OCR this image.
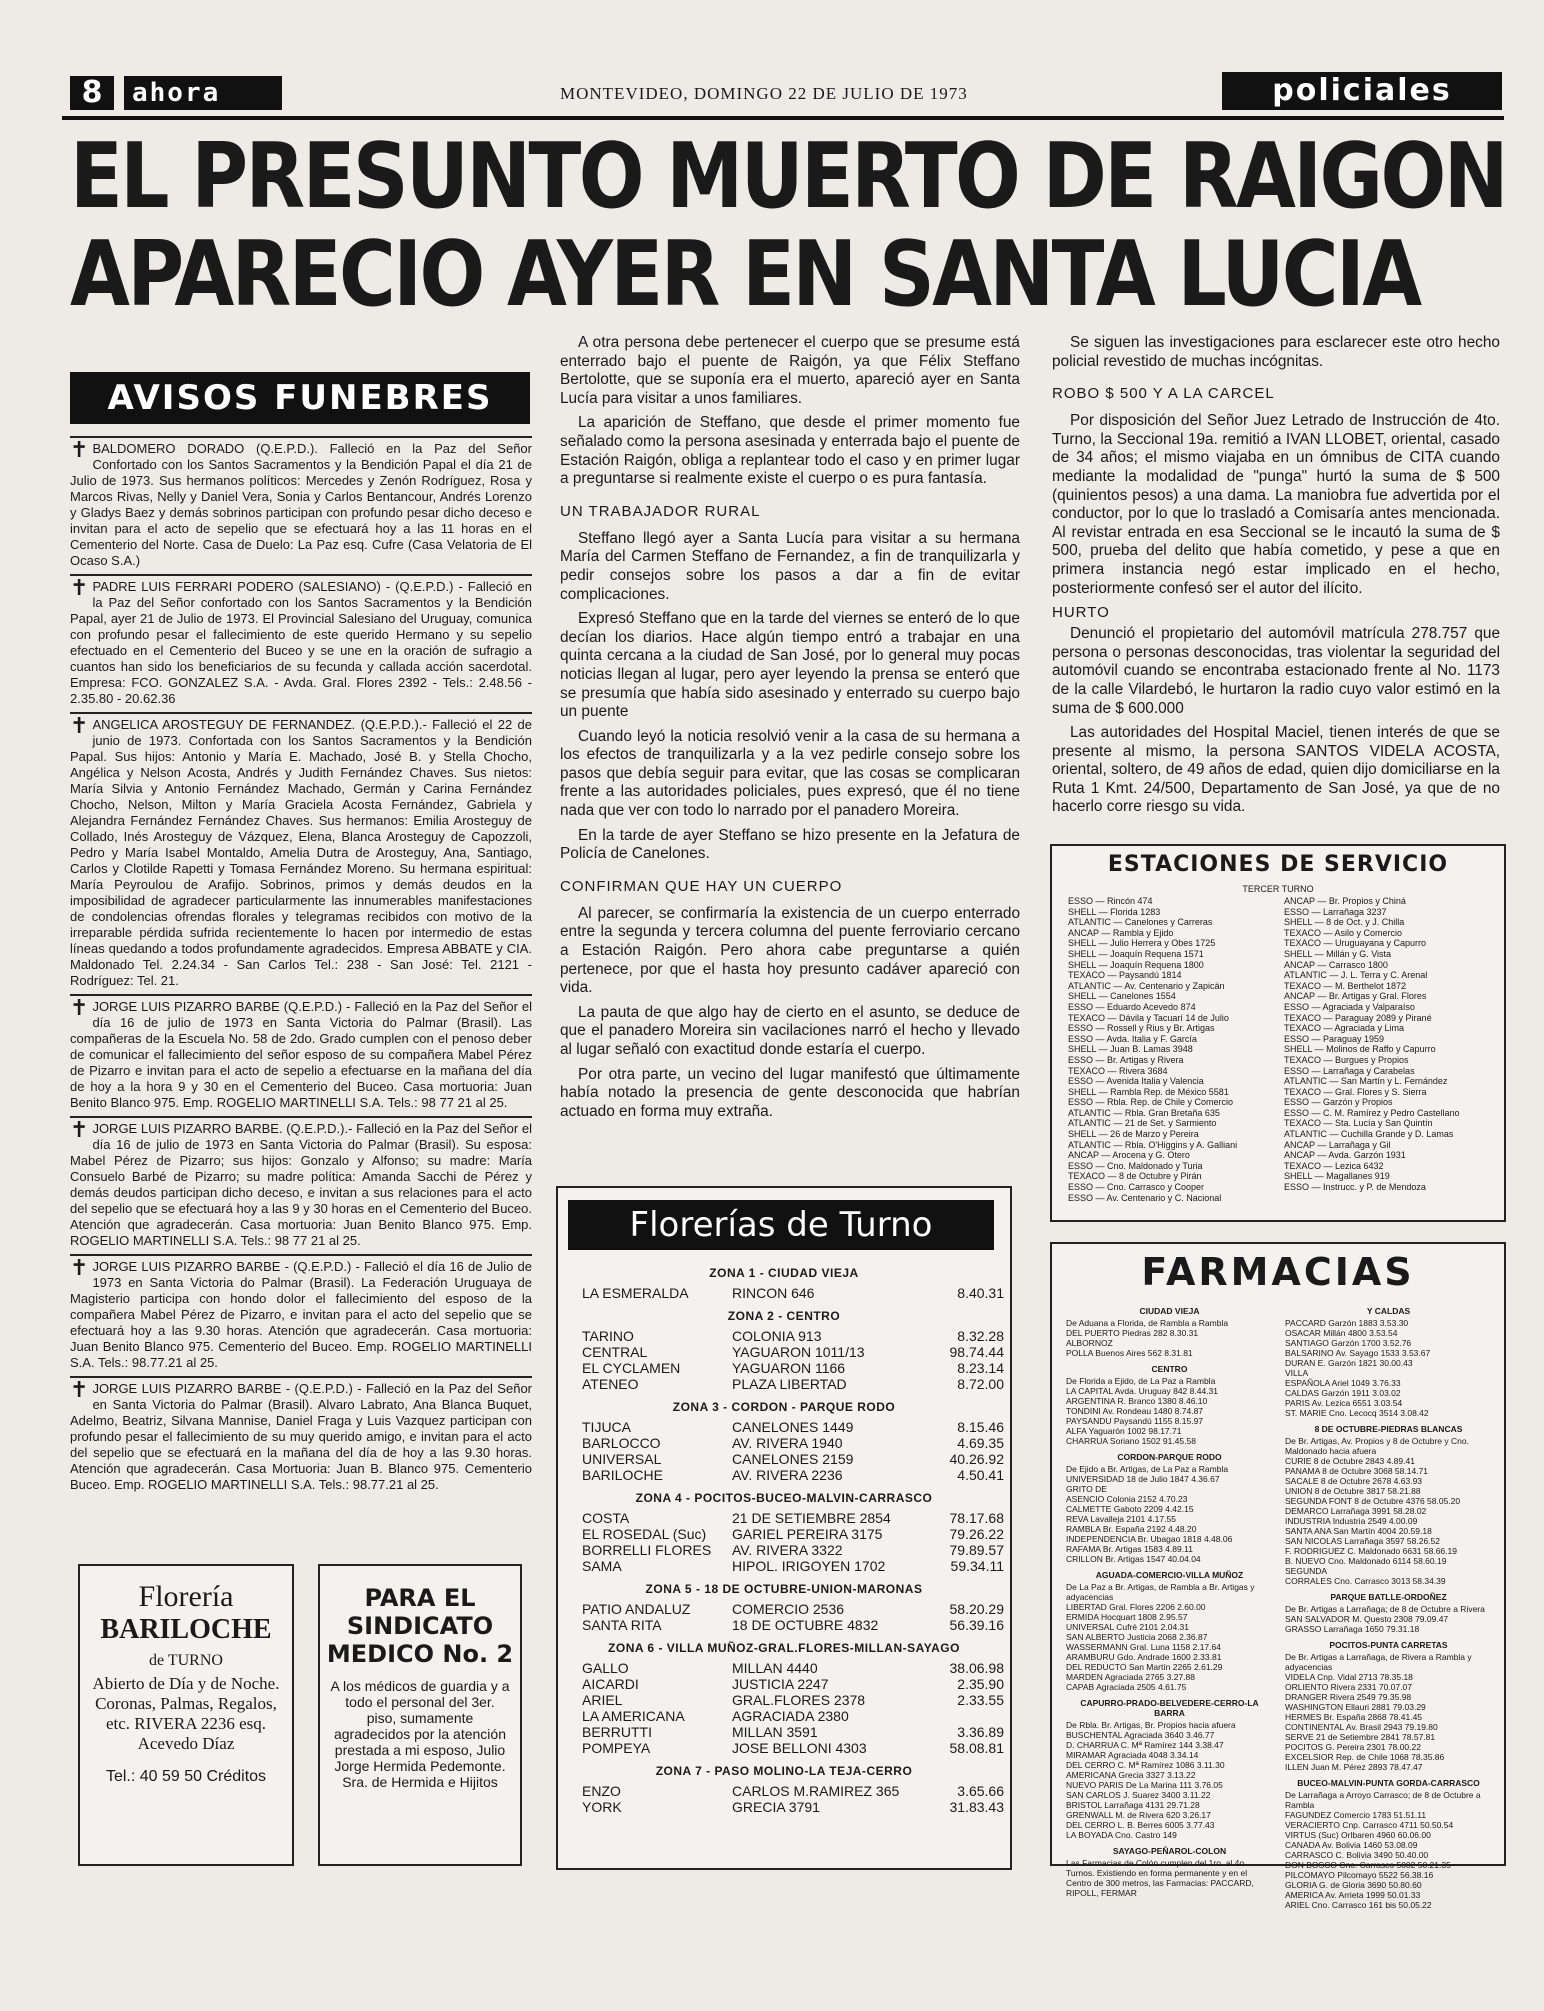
8	ahora	MONTEVIDEO, DOMINGO 22 DE JULIO DE 1973	policiales
EL PRESUNTO MUERTO DE RAIGON
APARECIO AYER EN SANTA LUCIA
AVISOS FUNEBRES
✝ BALDOMERO DORADO (Q.E.P.D.). Falleció en la Paz del Señor Confortado con los Santos Sacramentos y la Bendición Papal el día 21 de Julio de 1973. Sus hermanos políticos: Mercedes y Zenón Rodríguez, Rosa y Marcos Rivas, Nelly y Daniel Vera, Sonia y Carlos Bentancour, Andrés Lorenzo y Gladys Baez y demás sobrinos participan con profundo pesar dicho deceso e invitan para el acto de sepelio que se efectuará hoy a las 11 horas en el Cementerio del Norte. Casa de Duelo: La Paz esq. Cufre (Casa Velatoria de El Ocaso S.A.)
✝ PADRE LUIS FERRARI PODERO (SALESIANO) - (Q.E.P.D.) - Falleció en la Paz del Señor confortado con los Santos Sacramentos y la Bendición Papal, ayer 21 de Julio de 1973. El Provincial Salesiano del Uruguay, comunica con profundo pesar el fallecimiento de este querido Hermano y su sepelio efectuado en el Cementerio del Buceo y se une en la oración de sufragio a cuantos han sido los beneficiarios de su fecunda y callada acción sacerdotal. Empresa: FCO. GONZALEZ S.A. - Avda. Gral. Flores 2392 - Tels.: 2.48.56 - 2.35.80 - 20.62.36
✝ ANGELICA AROSTEGUY DE FERNANDEZ. (Q.E.P.D.).- Falleció el 22 de junio de 1973. Confortada con los Santos Sacramentos y la Bendición Papal. Sus hijos: Antonio y María E. Machado, José B. y Stella Chocho, Angélica y Nelson Acosta, Andrés y Judith Fernández Chaves. Sus nietos: María Silvia y Antonio Fernández Machado, Germán y Carina Fernández Chocho, Nelson, Milton y María Graciela Acosta Fernández, Gabriela y Alejandra Fernández Fernández Chaves. Sus hermanos: Emilia Arosteguy de Collado, Inés Arosteguy de Vázquez, Elena, Blanca Arosteguy de Capozzoli, Pedro y María Isabel Montaldo, Amelia Dutra de Arosteguy, Ana, Santiago, Carlos y Clotilde Rapetti y Tomasa Fernández Moreno. Su hermana espiritual: María Peyroulou de Arafijo. Sobrinos, primos y demás deudos en la imposibilidad de agradecer particularmente las innumerables manifestaciones de condolencias ofrendas florales y telegramas recibidos con motivo de la irreparable pérdida sufrida recientemente lo hacen por intermedio de estas líneas quedando a todos profundamente agradecidos. Empresa ABBATE y CIA. Maldonado Tel. 2.24.34 - San Carlos Tel.: 238 - San José: Tel. 2121 - Rodríguez: Tel. 21.
✝ JORGE LUIS PIZARRO BARBE (Q.E.P.D.) - Falleció en la Paz del Señor el día 16 de julio de 1973 en Santa Victoria do Palmar (Brasil). Las compañeras de la Escuela No. 58 de 2do. Grado cumplen con el penoso deber de comunicar el fallecimiento del señor esposo de su compañera Mabel Pérez de Pizarro e invitan para el acto de sepelio a efectuarse en la mañana del día de hoy a la hora 9 y 30 en el Cementerio del Buceo. Casa mortuoria: Juan Benito Blanco 975. Emp. ROGELIO MARTINELLI S.A. Tels.: 98 77 21 al 25.
✝ JORGE LUIS PIZARRO BARBE. (Q.E.P.D.).- Falleció en la Paz del Señor el día 16 de julio de 1973 en Santa Victoria do Palmar (Brasil). Su esposa: Mabel Pérez de Pizarro; sus hijos: Gonzalo y Alfonso; su madre: María Consuelo Barbé de Pizarro; su madre política: Amanda Sacchi de Pérez y demás deudos participan dicho deceso, e invitan a sus relaciones para el acto del sepelio que se efectuará hoy a las 9 y 30 horas en el Cementerio del Buceo. Atención que agradecerán. Casa mortuoria: Juan Benito Blanco 975. Emp. ROGELIO MARTINELLI S.A. Tels.: 98 77 21 al 25.
✝ JORGE LUIS PIZARRO BARBE - (Q.E.P.D.) - Falleció el día 16 de Julio de 1973 en Santa Victoria do Palmar (Brasil). La Federación Uruguaya de Magisterio participa con hondo dolor el fallecimiento del esposo de la compañera Mabel Pérez de Pizarro, e invitan para el acto del sepelio que se efectuará hoy a las 9.30 horas. Atención que agradecerán. Casa mortuoria: Juan Benito Blanco 975. Cementerio del Buceo. Emp. ROGELIO MARTINELLI S.A. Tels.: 98.77.21 al 25.
✝ JORGE LUIS PIZARRO BARBE - (Q.E.P.D.) - Falleció en la Paz del Señor en Santa Victoria do Palmar (Brasil). Alvaro Labrato, Ana Blanca Buquet, Adelmo, Beatriz, Silvana Mannise, Daniel Fraga y Luis Vazquez participan con profundo pesar el fallecimiento de su muy querido amigo, e invitan para el acto del sepelio que se efectuará en la mañana del día de hoy a las 9.30 horas. Atención que agradecerán. Casa Mortuoria: Juan B. Blanco 975. Cementerio Buceo. Emp. ROGELIO MARTINELLI S.A. Tels.: 98.77.21 al 25.
Florería
BARILOCHE
de TURNO
Abierto de Día y de Noche. Coronas, Palmas, Regalos, etc. RIVERA 2236 esq. Acevedo Díaz
Tel.: 40 59 50 Créditos
PARA EL SINDICATO MEDICO No. 2
A los médicos de guardia y a todo el personal del 3er. piso, sumamente agradecidos por la atención prestada a mi esposo, Julio Jorge Hermida Pedemonte. Sra. de Hermida e Hijitos

A otra persona debe pertenecer el cuerpo que se presume está enterrado bajo el puente de Raigón, ya que Félix Steffano Bertolotte, que se suponía era el muerto, apareció ayer en Santa Lucía para visitar a unos familiares.

La aparición de Steffano, que desde el primer momento fue señalado como la persona asesinada y enterrada bajo el puente de Estación Raigón, obliga a replantear todo el caso y en primer lugar a preguntarse si realmente existe el cuerpo o es pura fantasía.

UN TRABAJADOR RURAL

Steffano llegó ayer a Santa Lucía para visitar a su hermana María del Carmen Steffano de Fernandez, a fin de tranquilizarla y pedir consejos sobre los pasos a dar a fin de evitar complicaciones.

Expresó Steffano que en la tarde del viernes se enteró de lo que decían los diarios. Hace algún tiempo entró a trabajar en una quinta cercana a la ciudad de San José, por lo general muy pocas noticias llegan al lugar, pero ayer leyendo la prensa se enteró que se presumía que había sido asesinado y enterrado su cuerpo bajo un puente

Cuando leyó la noticia resolvió venir a la casa de su hermana a los efectos de tranquilizarla y a la vez pedirle consejo sobre los pasos que debía seguir para evitar, que las cosas se complicaran frente a las autoridades policiales, pues expresó, que él no tiene nada que ver con todo lo narrado por el panadero Moreira.

En la tarde de ayer Steffano se hizo presente en la Jefatura de Policía de Canelones.

CONFIRMAN QUE HAY UN CUERPO

Al parecer, se confirmaría la existencia de un cuerpo enterrado entre la segunda y tercera columna del puente ferroviario cercano a Estación Raigón. Pero ahora cabe preguntarse a quién pertenece, por que el hasta hoy presunto cadáver apareció con vida.

La pauta de que algo hay de cierto en el asunto, se deduce de que el panadero Moreira sin vacilaciones narró el hecho y llevado al lugar señaló con exactitud donde estaría el cuerpo.

Por otra parte, un vecino del lugar manifestó que últimamente había notado la presencia de gente desconocida que habrían actuado en forma muy extraña.

Se siguen las investigaciones para esclarecer este otro hecho policial revestido de muchas incógnitas.

ROBO $ 500 Y A LA CARCEL

Por disposición del Señor Juez Letrado de Instrucción de 4to. Turno, la Seccional 19a. remitió a IVAN LLOBET, oriental, casado de 34 años; el mismo viajaba en un ómnibus de CITA cuando mediante la modalidad de "punga" hurtó la suma de $ 500 (quinientos pesos) a una dama. La maniobra fue advertida por el conductor, por lo que lo trasladó a Comisaría antes mencionada. Al revistar entrada en esa Seccional se le incautó la suma de $ 500, prueba del delito que había cometido, y pese a que en primera instancia negó estar implicado en el hecho, posteriormente confesó ser el autor del ilícito.

HURTO

Denunció el propietario del automóvil matrícula 278.757 que persona o personas desconocidas, tras violentar la seguridad del automóvil cuando se encontraba estacionado frente al No. 1173 de la calle Vilardebó, le hurtaron la radio cuyo valor estimó en la suma de $ 600.000

Las autoridades del Hospital Maciel, tienen interés de que se presente al mismo, la persona SANTOS VIDELA ACOSTA, oriental, soltero, de 49 años de edad, quien dijo domiciliarse en la Ruta 1 Kmt. 24/500, Departamento de San José, ya que de no hacerlo corre riesgo su vida.

ESTACIONES DE SERVICIO
TERCER TURNO
ESSO — Rincón 474
SHELL — Florida 1283
ATLANTIC — Canelones y Carreras
ANCAP — Rambla y Ejido
SHELL — Julio Herrera y Obes 1725
SHELL — Joaquín Requena 1571
SHELL — Joaquín Requena 1800
TEXACO — Paysandú 1814
ATLANTIC — Av. Centenario y Zapicán
SHELL — Canelones 1554
ESSO — Eduardo Acevedo 874
TEXACO — Dávila y Tacuarí 14 de Julio
ESSO — Rossell y Rius y Br. Artigas
ESSO — Avda. Italia y F. García
SHELL — Juan B. Lamas 3948
ESSO — Br. Artigas y Rivera
TEXACO — Rivera 3684
ESSO — Avenida Italia y Valencia
SHELL — Rambla Rep. de México 5581
ESSO — Rbla. Rep. de Chile y Comercio
ATLANTIC — Rbla. Gran Bretaña 635
ATLANTIC — 21 de Set. y Sarmiento
SHELL — 26 de Marzo y Pereira
ATLANTIC — Rbla. O'Higgins y A. Galliani
ANCAP — Arocena y G. Otero
ESSO — Cno. Maldonado y Turia
TEXACO — 8 de Octubre y Pirán
ESSO — Cno. Carrasco y Cooper
ESSO — Av. Centenario y C. Nacional
ANCAP — Br. Propios y Chiná
ESSO — Larrañaga 3237
SHELL — 8 de Oct. y J. Chilla
TEXACO — Asilo y Comercio
TEXACO — Uruguayana y Capurro
SHELL — Millán y G. Vista
ANCAP — Carrasco 1800
ATLANTIC — J. L. Terra y C. Arenal
TEXACO — M. Berthelot 1872
ANCAP — Br. Artigas y Gral. Flores
ESSO — Agraciada y Valparaíso
TEXACO — Paraguay 2089 y Pirané
TEXACO — Agraciada y Lima
ESSO — Paraguay 1959
SHELL — Molinos de Raffo y Capurro
TEXACO — Burgues y Propios
ESSO — Larrañaga y Carabelas
ATLANTIC — San Martín y L. Fernández
TEXACO — Gral. Flores y S. Sierra
ESSO — Garzón y Propios
ESSO — C. M. Ramírez y Pedro Castellano
TEXACO — Sta. Lucía y San Quintín
ATLANTIC — Cuchilla Grande y D. Lamas
ANCAP — Larrañaga y Gil
ANCAP — Avda. Garzón 1931
TEXACO — Lezica 6432
SHELL — Magallanes 919
ESSO — Instrucc. y P. de Mendoza
Florerías de Turno
ZONA 1 - CIUDAD VIEJA
LA ESMERALDA	RINCON 646	8.40.31
ZONA 2 - CENTRO
TARINO	COLONIA 913	8.32.28
CENTRAL	YAGUARON 1011/13	98.74.44
EL CYCLAMEN	YAGUARON 1166	8.23.14
ATENEO	PLAZA LIBERTAD	8.72.00
ZONA 3 - CORDON - PARQUE RODO
TIJUCA	CANELONES 1449	8.15.46
BARLOCCO	AV. RIVERA 1940	4.69.35
UNIVERSAL	CANELONES 2159	40.26.92
BARILOCHE	AV. RIVERA 2236	4.50.41
ZONA 4 - POCITOS-BUCEO-MALVIN-CARRASCO
COSTA	21 DE SETIEMBRE 2854	78.17.68
EL ROSEDAL (Suc)	GARIEL PEREIRA 3175	79.26.22
BORRELLI FLORES	AV. RIVERA 3322	79.89.57
SAMA	HIPOL. IRIGOYEN 1702	59.34.11
ZONA 5 - 18 DE OCTUBRE-UNION-MARONAS
PATIO ANDALUZ	COMERCIO 2536	58.20.29
SANTA RITA	18 DE OCTUBRE 4832	56.39.16
ZONA 6 - VILLA MUÑOZ-GRAL.FLORES-MILLAN-SAYAGO
GALLO	MILLAN 4440	38.06.98
AICARDI	JUSTICIA 2247	2.35.90
ARIEL	GRAL.FLORES 2378	2.33.55
LA AMERICANA	AGRACIADA 2380
BERRUTTI	MILLAN 3591	3.36.89
POMPEYA	JOSE BELLONI 4303	58.08.81
ZONA 7 - PASO MOLINO-LA TEJA-CERRO
ENZO	CARLOS M.RAMIREZ 365	3.65.66
YORK	GRECIA 3791	31.83.43
FARMACIAS
CIUDAD VIEJA
De Aduana a Florida, de Rambla a Rambla
DEL PUERTO Piedras 282 8.30.31
ALBORNOZ
POLLA Buenos Aires 562 8.31.81
CENTRO
De Florida a Ejido, de La Paz a Rambla
LA CAPITAL Avda. Uruguay 842 8.44.31
ARGENTINA R. Branco 1380 8.46.10
TONDINI Av. Rondeau 1480 8.74.87
PAYSANDU Paysandú 1155 8.15.97
ALFA Yaguarón 1002 98.17.71
CHARRUA Soriano 1502 91.45.58
CORDON-PARQUE RODO
De Ejido a Br. Artigas, de La Paz a Rambla
UNIVERSIDAD 18 de Julio 1847 4.36.67
GRITO DE
ASENCIO Colonia 2152 4.70.23
CALMETTE Gaboto 2209 4.42.15
REVA Lavalleja 2101 4.17.55
RAMBLA Br. España 2192 4.48.20
INDEPENDENCIA Br. Ubagao 1818 4.48.06
RAFAMA Br. Artigas 1583 4.89.11
CRILLON Br. Artigas 1547 40.04.04
AGUADA-COMERCIO-VILLA MUÑOZ
De La Paz a Br. Artigas, de Rambla a Br. Artigas y adyacencias
LIBERTAD Gral. Flores 2206 2.60.00
ERMIDA Hocquart 1808 2.95.57
UNIVERSAL Cufré 2101 2.04.31
SAN ALBERTO Justicia 2068 2.36.87
WASSERMANN Gral. Luna 1158 2.17.64
ARAMBURU Gdo. Andrade 1600 2.33.81
DEL REDUCTO San Martín 2265 2.61.29
MARDEN Agraciada 2765 3.27.88
CAPAB Agraciada 2505 4.61.75
CAPURRO-PRADO-BELVEDERE-CERRO-LA BARRA
De Rbla. Br. Artigas, Br. Propios hacia afuera
BUSCHENTAL Agraciada 3640 3.46.77
D. CHARRUA C. Mª Ramírez 144 3.38.47
MIRAMAR Agraciada 4048 3.34.14
DEL CERRO C. Mª Ramírez 1086 3.11.30
AMERICANA Grecia 3327 3.13.22
NUEVO PARIS De La Marina 111 3.76.05
SAN CARLOS J. Suarez 3400 3.11.22
BRISTOL Larrañaga 4131 29.71.28
GRENWALL M. de Rivera 620 3.26.17
DEL CERRO L. B. Berres 6005 3.77.43
LA BOYADA Cno. Castro 149
SAYAGO-PEÑAROL-COLON
Las Farmacias de Colón cumplen del 1ro. al 4o. Turnos. Existiendo en forma permanente y en el Centro de 300 metros, las Farmacias: PACCARD, RIPOLL, FERMAR
Y CALDAS
PACCARD Garzón 1883 3.53.30
OSACAR Millán 4800 3.53.54
SANTIAGO Garzón 1700 3.52.76
BALSARINO Av. Sayago 1533 3.53.67
DURAN E. Garzón 1821 30.00.43
VILLA
ESPAÑOLA Ariel 1049 3.76.33
CALDAS Garzón 1911 3.03.02
PARIS Av. Lezica 6551 3.03.54
ST. MARIE Cno. Lecocq 3514 3.08.42
8 DE OCTUBRE-PIEDRAS BLANCAS
De Br. Artigas, Av. Propios y 8 de Octubre y Cno. Maldonado hacia afuera
CURIE 8 de Octubre 2843 4.89.41
PANAMA 8 de Octubre 3068 58.14.71
SACALE 8 de Octubre 2678 4.63.93
UNION 8 de Octubre 3817 58.21.88
SEGUNDA FONT 8 de Octubre 4376 58.05.20
DEMARCO Larrañaga 3991 58.28.02
INDUSTRIA Industria 2549 4.00.09
SANTA ANA San Martín 4004 20.59.18
SAN NICOLAS Larrañaga 3597 58.26.52
F. RODRIGUEZ C. Maldonado 6631 58.66.19
B. NUEVO Cno. Maldonado 6114 58.60.19
SEGUNDA
CORRALES Cno. Carrasco 3013 58.34.39
PARQUE BATLLE-ORDOÑEZ
De Br. Artigas a Larrañaga; de 8 de Octubre a Rivera
SAN SALVADOR M. Questo 2308 79.09.47
GRASSO Larrañaga 1650 79.31.18
POCITOS-PUNTA CARRETAS
De Br. Artigas a Larrañaga, de Rivera a Rambla y adyacencias
VIDELA Cnp. Vidal 2713 78.35.18
ORLIENTO Rivera 2331 70.07.07
DRANGER Rivera 2549 79.35.98
WASHINGTON Ellauri 2881 79.03.29
HERMES Br. España 2868 78.41.45
CONTINENTAL Av. Brasil 2943 79.19.80
SERVE 21 de Setiembre 2841 78.57.81
POCITOS G. Pereira 2301 78.00.22
EXCELSIOR Rep. de Chile 1068 78.35.86
ILLEN Juan M. Pérez 2893 78.47.47
BUCEO-MALVIN-PUNTA GORDA-CARRASCO
De Larrañaga a Arroyo Carrasco; de 8 de Octubre a Rambla
FAGUNDEZ Comercio 1783 51.51.11
VERACIERTO Cnp. Carrasco 4711 50.50.54
VIRTUS (Suc) Orlbaren 4960 60.06.00
CANADA Av. Bolivia 1460 53.08.09
CARRASCO C. Bolivia 3490 50.40.00
DON BOSCO Cno. Carrasco 5002 50.21.35
PILCOMAYO Pilcomayo 5522 56.38.16
GLORIA G. de Gloria 3690 50.80.60
AMERICA Av. Arrieta 1999 50.01.33
ARIEL Cno. Carrasco 161 bis 50.05.22
